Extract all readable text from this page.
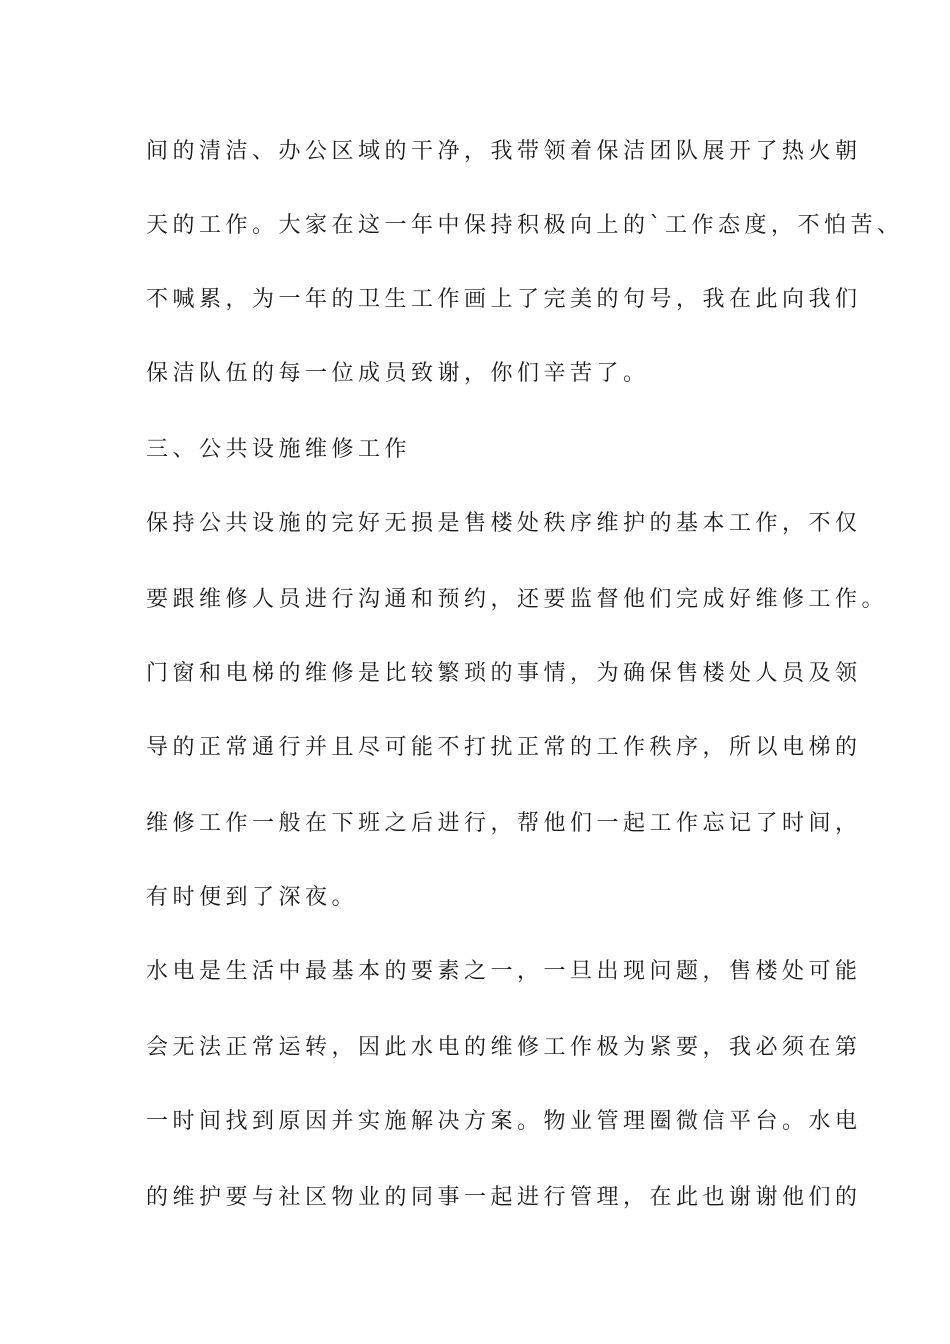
间的清洁、办公区域的干净，我带领着保洁团队展开了热火朝
天的工作。大家在这一年中保持积极向上的`工作态度，不怕苦、
不喊累，为一年的卫生工作画上了完美的句号，我在此向我们
保洁队伍的每一位成员致谢，你们辛苦了。
三、公共设施维修工作
保持公共设施的完好无损是售楼处秩序维护的基本工作，不仅
要跟维修人员进行沟通和预约，还要监督他们完成好维修工作。
门窗和电梯的维修是比较繁琐的事情，为确保售楼处人员及领
导的正常通行并且尽可能不打扰正常的工作秩序，所以电梯的
维修工作一般在下班之后进行，帮他们一起工作忘记了时间，
有时便到了深夜。
水电是生活中最基本的要素之一，一旦出现问题，售楼处可能
会无法正常运转，因此水电的维修工作极为紧要，我必须在第
一时间找到原因并实施解决方案。物业管理圈微信平台。水电
的维护要与社区物业的同事一起进行管理，在此也谢谢他们的
